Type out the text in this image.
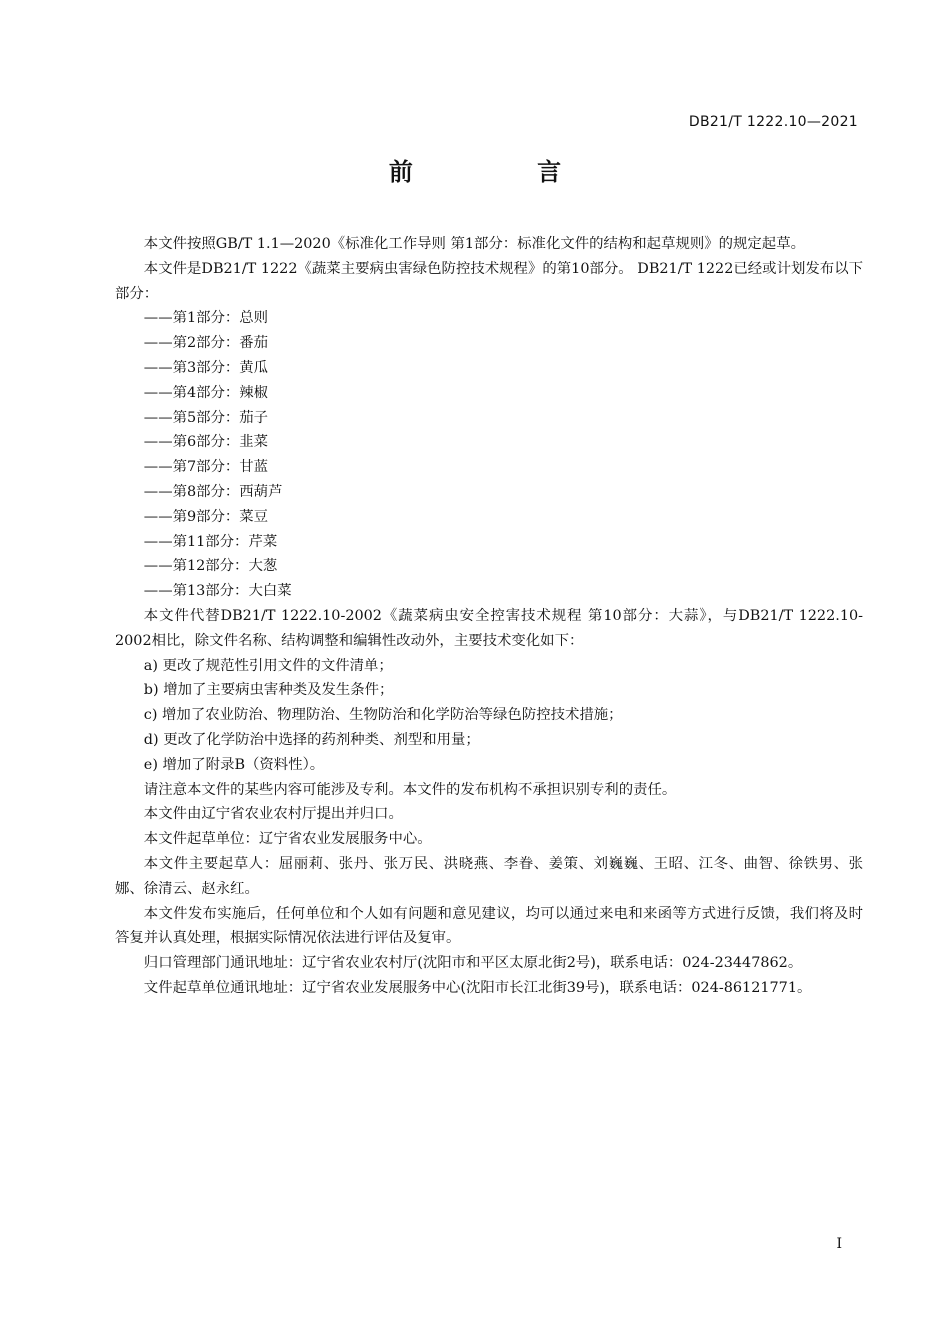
DB21/T 1222.10—2021
前 言

本文件按照GB/T 1.1—2020《标准化工作导则 第1部分：标准化文件的结构和起草规则》的规定起草。

本文件是DB21/T 1222《蔬菜主要病虫害绿色防控技术规程》的第10部分。 DB21/T 1222已经或计划发布以下部分：

——第1部分：总则

——第2部分：番茄

——第3部分：黄瓜

——第4部分：辣椒

——第5部分：茄子

——第6部分：韭菜

——第7部分：甘蓝

——第8部分：西葫芦

——第9部分：菜豆

——第11部分：芹菜

——第12部分：大葱

——第13部分：大白菜

本文件代替DB21/T 1222.10-2002《蔬菜病虫安全控害技术规程 第10部分：大蒜》，与DB21/T 1222.10-2002相比，除文件名称、结构调整和编辑性改动外，主要技术变化如下：

a) 更改了规范性引用文件的文件清单；

b) 增加了主要病虫害种类及发生条件；

c) 增加了农业防治、物理防治、生物防治和化学防治等绿色防控技术措施；

d) 更改了化学防治中选择的药剂种类、剂型和用量；

e) 增加了附录B（资料性）。

请注意本文件的某些内容可能涉及专利。本文件的发布机构不承担识别专利的责任。

本文件由辽宁省农业农村厅提出并归口。

本文件起草单位：辽宁省农业发展服务中心。

本文件主要起草人：屈丽莉、张丹、张万民、洪晓燕、李眷、姜策、刘巍巍、王昭、江冬、曲智、徐铁男、张娜、徐清云、赵永红。

本文件发布实施后，任何单位和个人如有问题和意见建议，均可以通过来电和来函等方式进行反馈，我们将及时答复并认真处理，根据实际情况依法进行评估及复审。

归口管理部门通讯地址：辽宁省农业农村厅(沈阳市和平区太原北街2号)，联系电话：024-23447862。

文件起草单位通讯地址：辽宁省农业发展服务中心(沈阳市长江北街39号)，联系电话：024-86121771。

I
